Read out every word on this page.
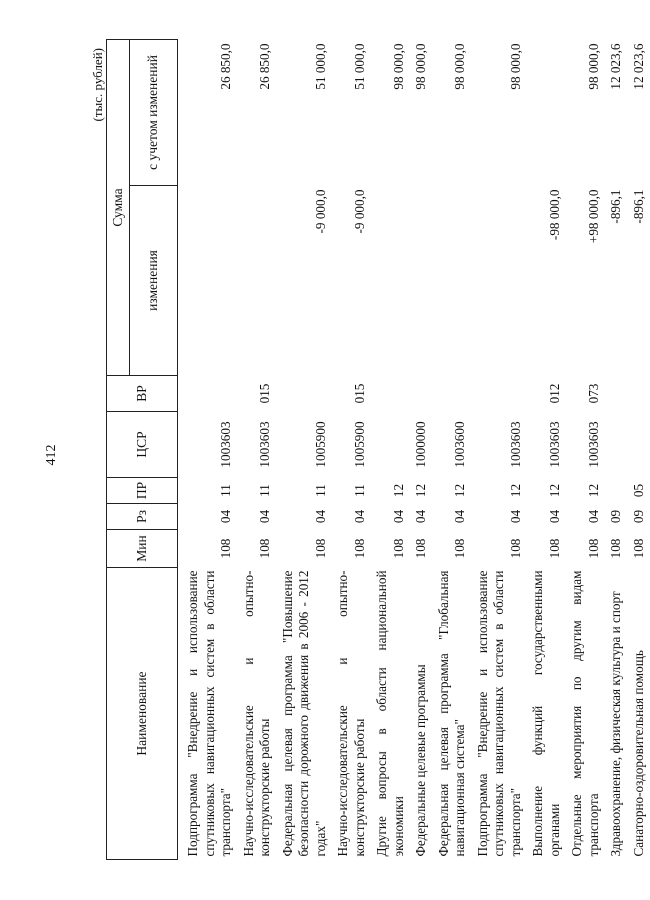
412
(тыс. рублей)
Наименование	Мин	Рз	ПР	ЦСР	ВР	Сумма	
						изменения	с учетом изменений

Подпрограмма "Внедрение и использование спутниковых навигационных систем в области транспорта"	108	04	11	1003603			26 850,0
Научно-исследовательские и опытно-конструкторские работы	108	04	11	1003603	015		26 850,0
Федеральная целевая программа "Повышение безопасности дорожного движения в 2006 - 2012 годах"	108	04	11	1005900		-9 000,0	51 000,0
Научно-исследовательские и опытно-конструкторские работы	108	04	11	1005900	015	-9 000,0	51 000,0
Другие вопросы в области национальной экономики	108	04	12				98 000,0
Федеральные целевые программы	108	04	12	1000000			98 000,0
Федеральная целевая программа "Глобальная навигационная система"	108	04	12	1003600			98 000,0
Подпрограмма "Внедрение и использование спутниковых навигационных систем в области транспорта"	108	04	12	1003603			98 000,0
Выполнение функций государственными органами	108	04	12	1003603	012	-98 000,0	
Отдельные мероприятия по другим видам транспорта	108	04	12	1003603	073	+98 000,0	98 000,0
Здравоохранение, физическая культура и спорт	108	09				-896,1	12 023,6
Санаторно-оздоровительная помощь	108	09	05			-896,1	12 023,6
